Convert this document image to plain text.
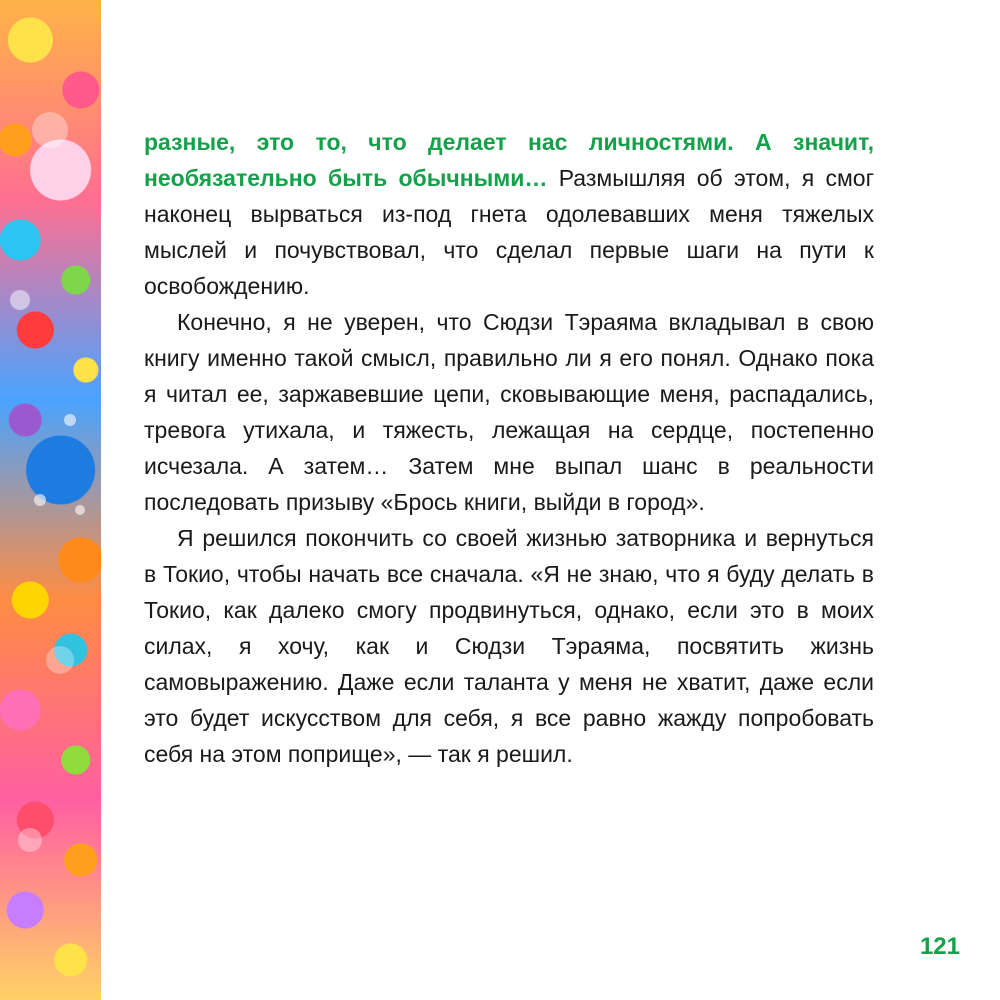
разные, это то, что делает нас личностями. А значит, необязательно быть обычными… Размышляя об этом, я смог наконец вырваться из-под гнета одолевавших меня тяжелых мыслей и почувствовал, что сделал первые шаги на пути к освобождению.

Конечно, я не уверен, что Сюдзи Тэраяма вкладывал в свою книгу именно такой смысл, правильно ли я его понял. Однако пока я читал ее, заржавевшие цепи, сковывающие меня, распадались, тревога утихала, и тяжесть, лежащая на сердце, постепенно исчезала. А затем… Затем мне выпал шанс в реальности последовать призыву «Брось книги, выйди в город».

Я решился покончить со своей жизнью затворника и вернуться в Токио, чтобы начать все сначала. «Я не знаю, что я буду делать в Токио, как далеко смогу продвинуться, однако, если это в моих силах, я хочу, как и Сюдзи Тэраяма, посвятить жизнь самовыражению. Даже если таланта у меня не хватит, даже если это будет искусством для себя, я все равно жажду попробовать себя на этом поприще», — так я решил.

121
